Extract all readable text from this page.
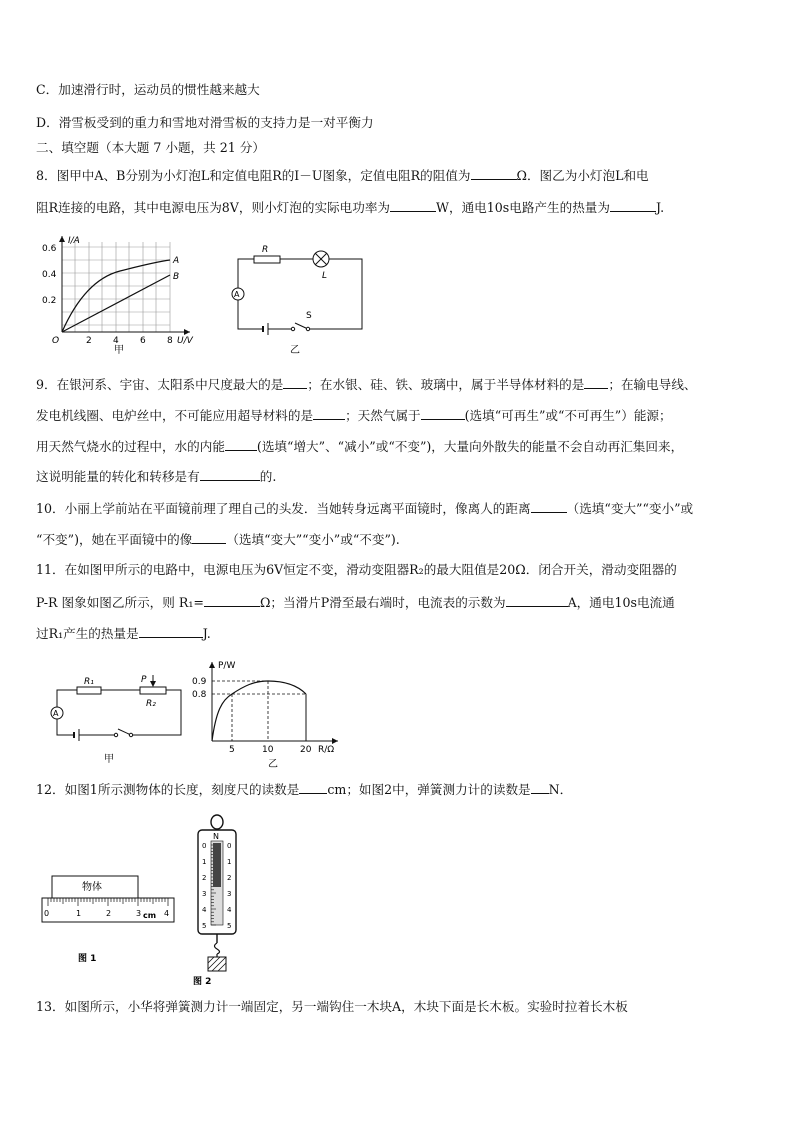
C．加速滑行时，运动员的惯性越来越大
D．滑雪板受到的重力和雪地对滑雪板的支持力是一对平衡力
二、填空题（本大题 7 小题，共 21 分）
8．图甲中A、B分别为小灯泡L和定值电阻R的I－U图象，定值电阻R的阻值为	Ω．图乙为小灯泡L和电
阻R连接的电路，其中电源电压为8V，则小灯泡的实际电功率为	W，通电10s电路产生的热量为	J.
I/A
0.6
0.4
0.2
O	2 4 6 8 U/V
A
B
甲
R
L
A
S
乙
9．在银河系、宇宙、太阳系中尺度最大的是 ；在水银、硅、铁、玻璃中，属于半导体材料的是 ；在输电导线、
发电机线圈、电炉丝中，不可能应用超导材料的是	；天然气属于	(选填“可再生”或“不可再生”）能源；
用天然气烧水的过程中，水的内能	(选填“增大”、“减小”或“不变”)，大量向外散失的能量不会自动再汇集回来，
这说明能量的转化和转移是有	的.
10．小丽上学前站在平面镜前理了理自己的头发．当她转身远离平面镜时，像离人的距离	（选填“变大”“变小”或
“不变”)，她在平面镜中的像	（选填“变大”“变小”或“不变”).
11．在如图甲所示的电路中，电源电压为6V恒定不变，滑动变阻器R₂的最大阻值是20Ω．闭合开关，滑动变阻器的
P-R 图象如图乙所示，则 R₁=	Ω；当滑片P滑至最右端时，电流表的示数为	A，通电10s电流通
过R₁产生的热量是	J.
R₁
R₂
P
A
甲
P/W
0.9
0.8
5	10	20 R/Ω
乙
12．如图1所示测物体的长度，刻度尺的读数是 cm；如图2中，弹簧测力计的读数是 N．
0	1	2	3	4
cm
物体
图 1
N
0
1
2
3
4
5
0
1
2
3
4
5
图 2
13．如图所示，小华将弹簧测力计一端固定，另一端钩住一木块A，木块下面是长木板。实验时拉着长木板
